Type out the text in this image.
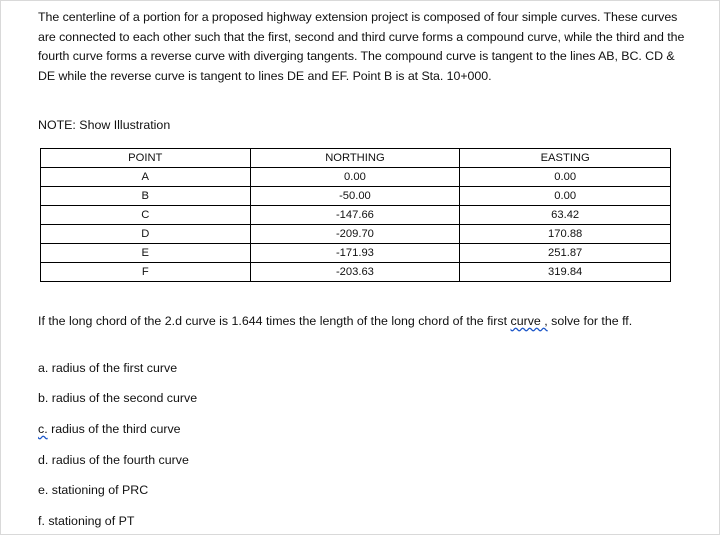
The centerline of a portion for a proposed highway extension project is composed of four simple curves. These curves are connected to each other such that the first, second and third curve forms a compound curve, while the third and the fourth curve forms a reverse curve with diverging tangents. The compound curve is tangent to the lines AB, BC. CD & DE while the reverse curve is tangent to lines DE and EF. Point B is at Sta. 10+000.
NOTE: Show Illustration
POINT	NORTHING	EASTING
A	0.00	0.00
B	-50.00	0.00
C	-147.66	63.42
D	-209.70	170.88
E	-171.93	251.87
F	-203.63	319.84
If the long chord of the 2.d curve is 1.644 times the length of the long chord of the first curve , solve for the ff.
a. radius of the first curve
b. radius of the second curve
c. radius of the third curve
d. radius of the fourth curve
e. stationing of PRC
f. stationing of PT
